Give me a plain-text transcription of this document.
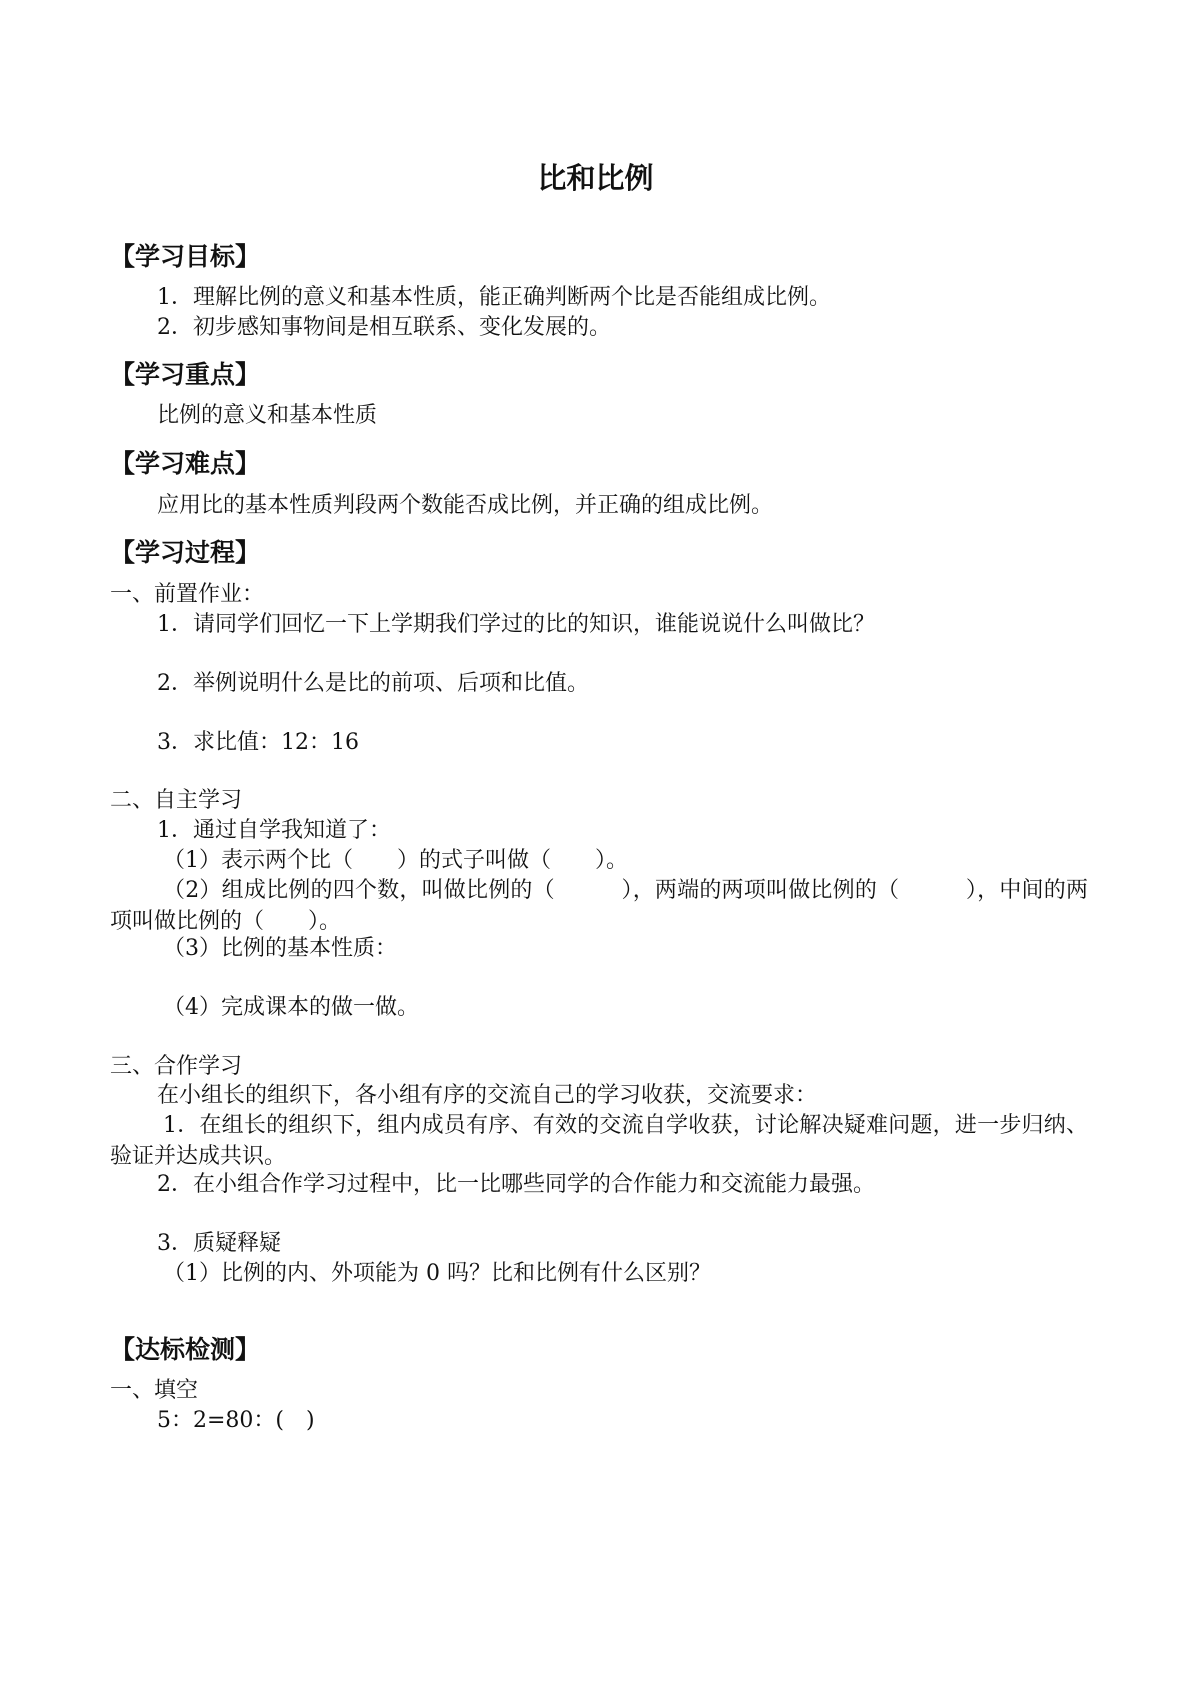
比和比例
【学习目标】
1．理解比例的意义和基本性质，能正确判断两个比是否能组成比例。
2．初步感知事物间是相互联系、变化发展的。
【学习重点】
比例的意义和基本性质
【学习难点】
应用比的基本性质判段两个数能否成比例，并正确的组成比例。
【学习过程】
一、前置作业：
1．请同学们回忆一下上学期我们学过的比的知识，谁能说说什么叫做比？
2．举例说明什么是比的前项、后项和比值。
3．求比值：12：16
二、自主学习
1．通过自学我知道了：
（1）表示两个比（　　）的式子叫做（　　）。
（2）组成比例的四个数，叫做比例的（　　　），两端的两项叫做比例的（　　　），中间的两项叫做比例的（　　）。
（3）比例的基本性质：
（4）完成课本的做一做。
三、合作学习
在小组长的组织下，各小组有序的交流自己的学习收获，交流要求：
1．在组长的组织下，组内成员有序、有效的交流自学收获，讨论解决疑难问题，进一步归纳、验证并达成共识。
2．在小组合作学习过程中，比一比哪些同学的合作能力和交流能力最强。
3．质疑释疑
（1）比例的内、外项能为 0 吗？比和比例有什么区别？
【达标检测】
一、填空
5：2=80：(　)
